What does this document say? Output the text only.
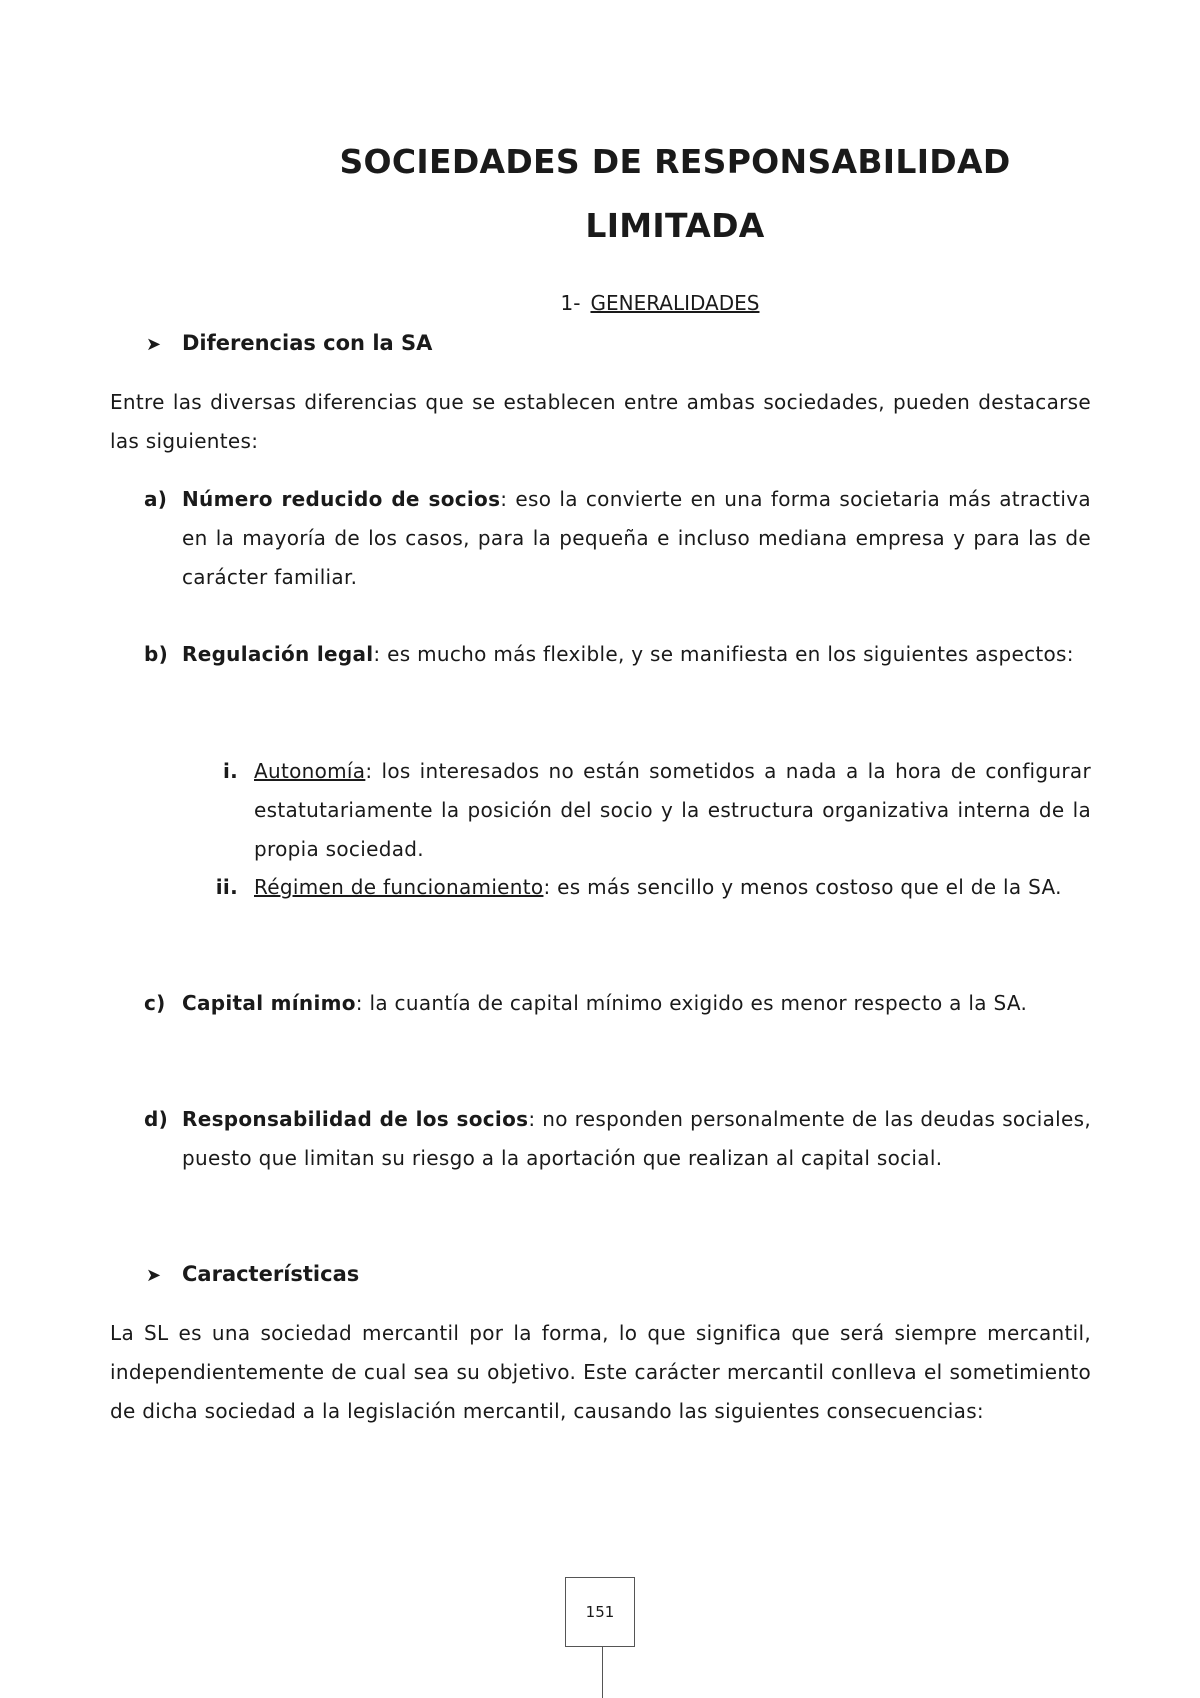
SOCIEDADES DE RESPONSABILIDAD
LIMITADA
1- GENERALIDADES
➤ Diferencias con la SA
Entre las diversas diferencias que se establecen entre ambas sociedades, pueden destacarse las siguientes:
a) Número reducido de socios: eso la convierte en una forma societaria más atractiva en la mayoría de los casos, para la pequeña e incluso mediana empresa y para las de carácter familiar.
b) Regulación legal: es mucho más flexible, y se manifiesta en los siguientes aspectos:
i. Autonomía: los interesados no están sometidos a nada a la hora de configurar estatutariamente la posición del socio y la estructura organizativa interna de la propia sociedad.
ii. Régimen de funcionamiento: es más sencillo y menos costoso que el de la SA.
c) Capital mínimo: la cuantía de capital mínimo exigido es menor respecto a la SA.
d) Responsabilidad de los socios: no responden personalmente de las deudas sociales, puesto que limitan su riesgo a la aportación que realizan al capital social.
➤ Características
La SL es una sociedad mercantil por la forma, lo que significa que será siempre mercantil, independientemente de cual sea su objetivo. Este carácter mercantil conlleva el sometimiento de dicha sociedad a la legislación mercantil, causando las siguientes consecuencias:
151
